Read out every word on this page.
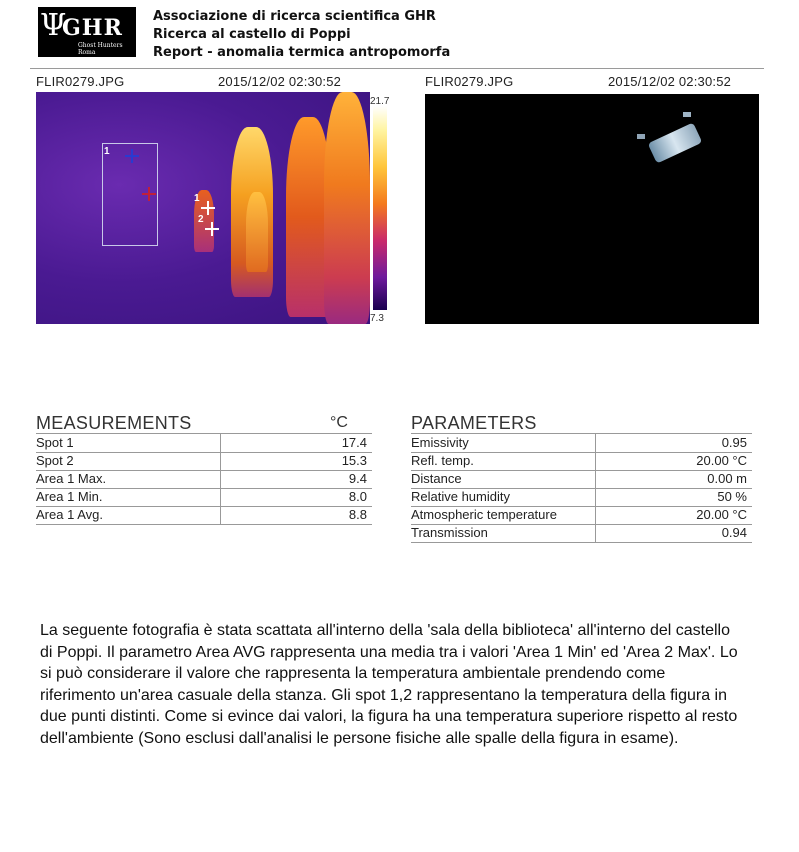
Ψ
GHR
Ghost Hunters Roma
Associazione di ricerca scientifica GHR
Ricerca al castello di Poppi
Report - anomalia termica antropomorfa
FLIR0279.JPG	2015/12/02 02:30:52	FLIR0279.JPG	2015/12/02 02:30:52
1
1
2
21.7
7.3
MEASUREMENTS	°C
Spot 1	17.4
Spot 2	15.3
Area 1 Max.	9.4
Area 1 Min.	8.0
Area 1 Avg.	8.8
PARAMETERS
Emissivity	0.95
Refl. temp.	20.00 °C
Distance	0.00 m
Relative humidity	50 %
Atmospheric temperature	20.00 °C
Transmission	0.94
La seguente fotografia è stata scattata all'interno della 'sala della biblioteca' all'interno del castello di Poppi. Il parametro Area AVG rappresenta una media tra i valori 'Area 1 Min' ed 'Area 2 Max'. Lo si può considerare il valore che rappresenta la temperatura ambientale prendendo come riferimento un'area casuale della stanza. Gli spot 1,2 rappresentano la temperatura della figura in due punti distinti. Come si evince dai valori, la figura ha una temperatura superiore rispetto al resto dell'ambiente (Sono esclusi dall'analisi le persone fisiche alle spalle della figura in esame).
